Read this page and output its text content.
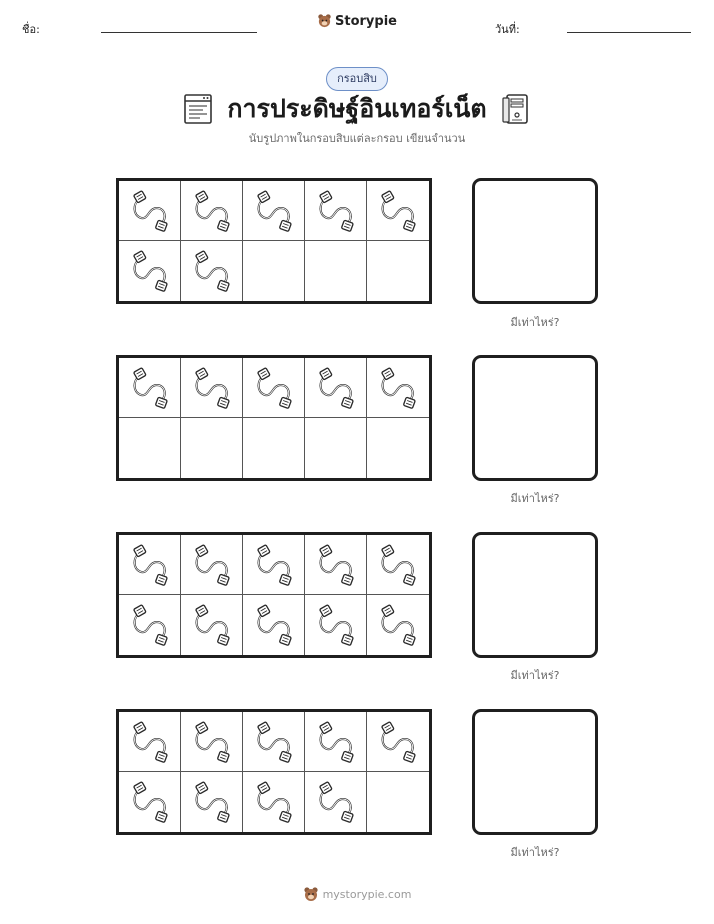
ชื่อ:
Storypie
วันที่:
กรอบสิบ
การประดิษฐ์อินเทอร์เน็ต
นับรูปภาพในกรอบสิบแต่ละกรอบ เขียนจำนวน
มีเท่าไหร่?
มีเท่าไหร่?
มีเท่าไหร่?
มีเท่าไหร่?
mystorypie.com
